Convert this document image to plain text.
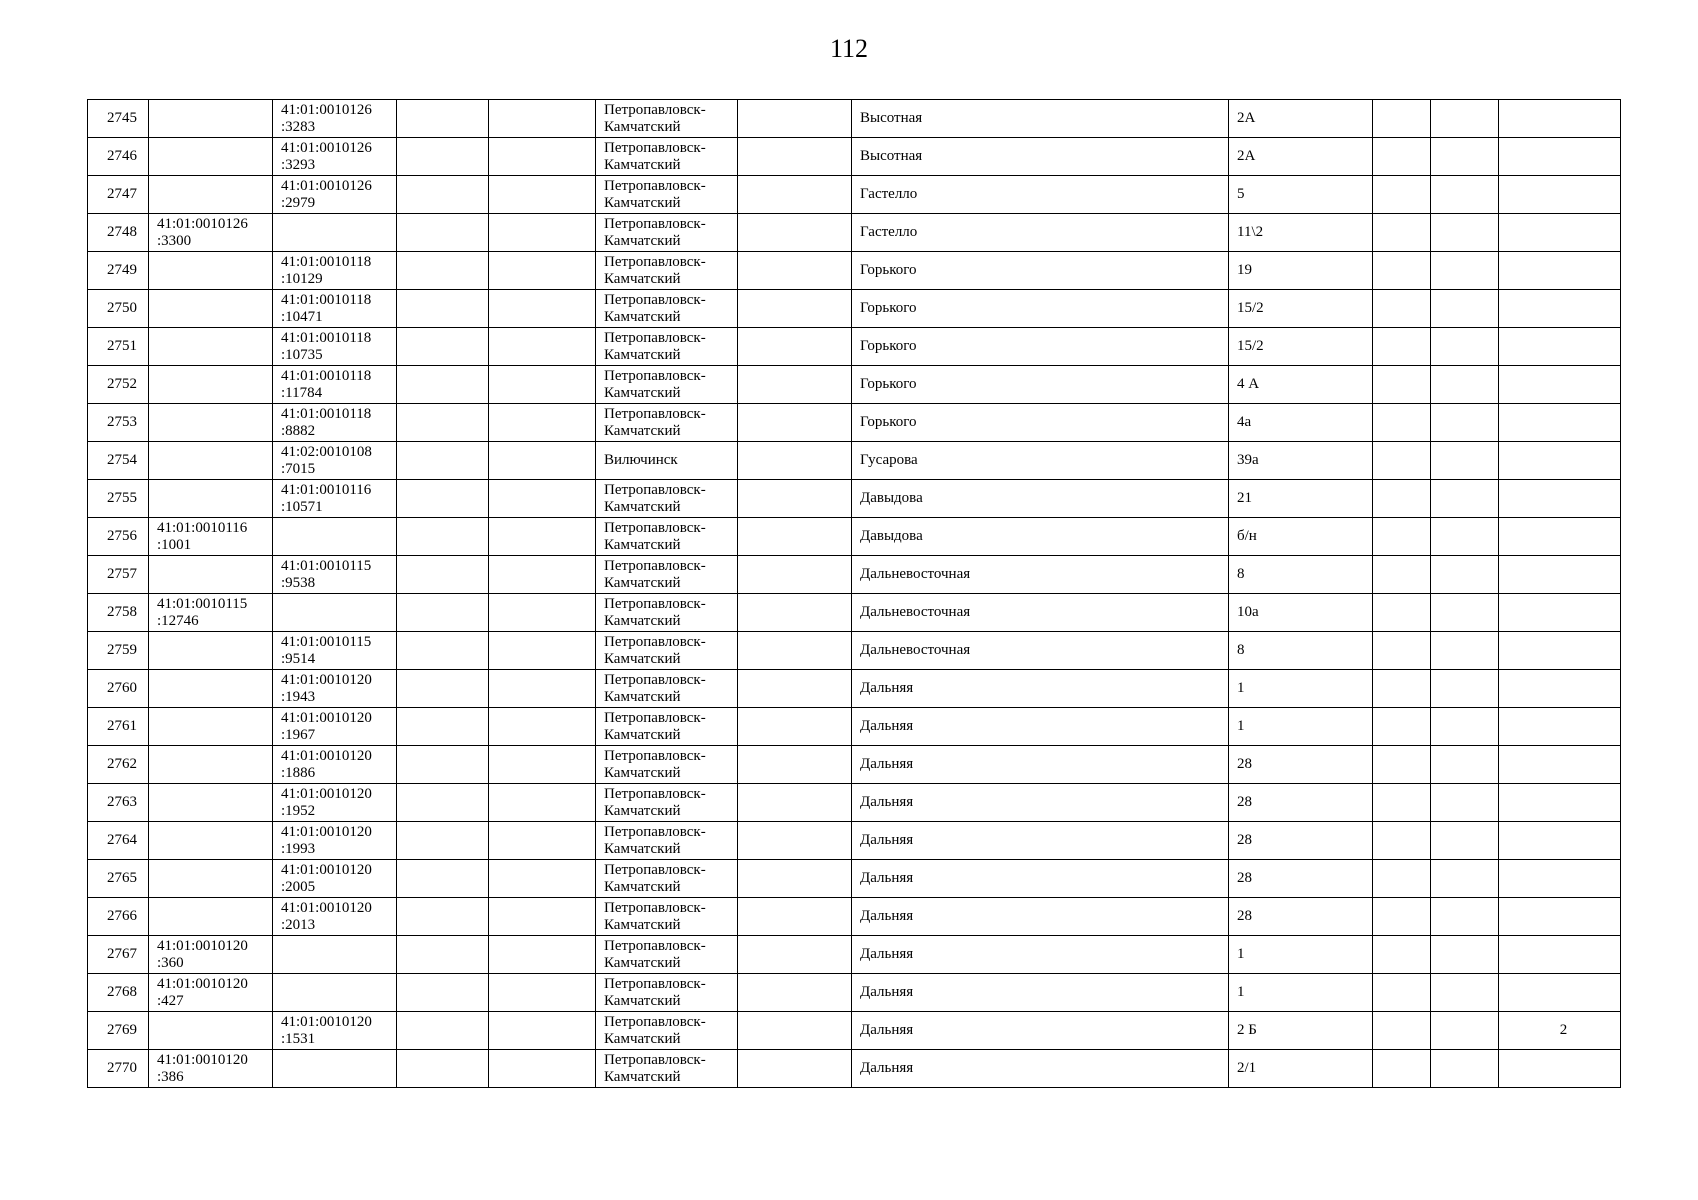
112
2745		41:01:0010126
:3283			Петропавловск-
Камчатский		Высотная	2А			

2746		41:01:0010126
:3293			Петропавловск-
Камчатский		Высотная	2А			

2747		41:01:0010126
:2979			Петропавловск-
Камчатский		Гастелло	5			

2748	41:01:0010126
:3300				Петропавловск-
Камчатский		Гастелло	11\2			

2749		41:01:0010118
:10129			Петропавловск-
Камчатский		Горького	19			

2750		41:01:0010118
:10471			Петропавловск-
Камчатский		Горького	15/2			

2751		41:01:0010118
:10735			Петропавловск-
Камчатский		Горького	15/2			

2752		41:01:0010118
:11784			Петропавловск-
Камчатский		Горького	4 А			

2753		41:01:0010118
:8882			Петропавловск-
Камчатский		Горького	4а			

2754		41:02:0010108
:7015			Вилючинск		Гусарова	39а			

2755		41:01:0010116
:10571			Петропавловск-
Камчатский		Давыдова	21			

2756	41:01:0010116
:1001				Петропавловск-
Камчатский		Давыдова	б/н			

2757		41:01:0010115
:9538			Петропавловск-
Камчатский		Дальневосточная	8			

2758	41:01:0010115
:12746				Петропавловск-
Камчатский		Дальневосточная	10а			

2759		41:01:0010115
:9514			Петропавловск-
Камчатский		Дальневосточная	8			

2760		41:01:0010120
:1943			Петропавловск-
Камчатский		Дальняя	1			

2761		41:01:0010120
:1967			Петропавловск-
Камчатский		Дальняя	1			

2762		41:01:0010120
:1886			Петропавловск-
Камчатский		Дальняя	28			

2763		41:01:0010120
:1952			Петропавловск-
Камчатский		Дальняя	28			

2764		41:01:0010120
:1993			Петропавловск-
Камчатский		Дальняя	28			

2765		41:01:0010120
:2005			Петропавловск-
Камчатский		Дальняя	28			

2766		41:01:0010120
:2013			Петропавловск-
Камчатский		Дальняя	28			

2767	41:01:0010120
:360				Петропавловск-
Камчатский		Дальняя	1			

2768	41:01:0010120
:427				Петропавловск-
Камчатский		Дальняя	1			

2769		41:01:0010120
:1531			Петропавловск-
Камчатский		Дальняя	2 Б			2

2770	41:01:0010120
:386				Петропавловск-
Камчатский		Дальняя	2/1			
